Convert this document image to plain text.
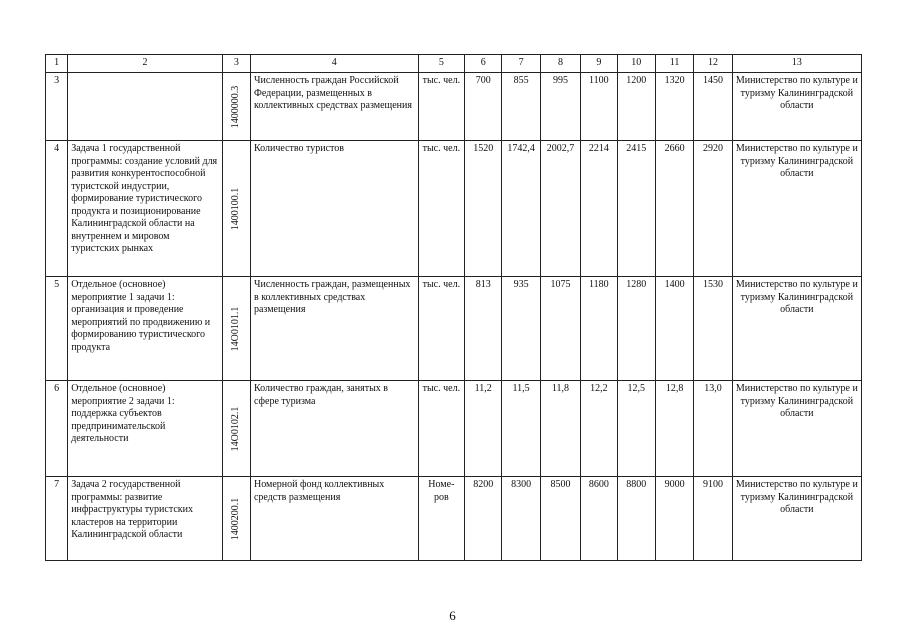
1	2	3	4	5	6	7	8	9	10	11	12	13
3		1400000.3	Численность граждан Российской Федерации, размещенных в коллективных средствах размещения	тыс. чел.	700	855	995	1100	1200	1320	1450	Министерство по культуре и туризму Калининградской области
4	Задача 1 государственной программы: создание условий для развития конкурентоспособной туристской индустрии, формирование туристического продукта и позиционирование Калининградской области на внутреннем и мировом туристских рынках	1400100.1	Количество туристов	тыс. чел.	1520	1742,4	2002,7	2214	2415	2660	2920	Министерство по культуре и туризму Калининградской области
5	Отдельное (основное) мероприятие 1 задачи 1: организация и проведение мероприятий по продвижению и формированию туристического продукта	14O0101.1	Численность граждан, размещенных в коллективных средствах размещения	тыс. чел.	813	935	1075	1180	1280	1400	1530	Министерство по культуре и туризму Калининградской области
6	Отдельное (основное) мероприятие 2 задачи 1: поддержка субъектов предпринимательской деятельности	14O0102.1	Количество граждан, занятых в сфере туризма	тыс. чел.	11,2	11,5	11,8	12,2	12,5	12,8	13,0	Министерство по культуре и туризму Калининградской области
7	Задача 2 государственной программы: развитие инфраструктуры туристских кластеров на территории Калининградской области	1400200.1	Номерной фонд коллективных средств размещения	Номе-ров	8200	8300	8500	8600	8800	9000	9100	Министерство по культуре и туризму Калининградской области
6
